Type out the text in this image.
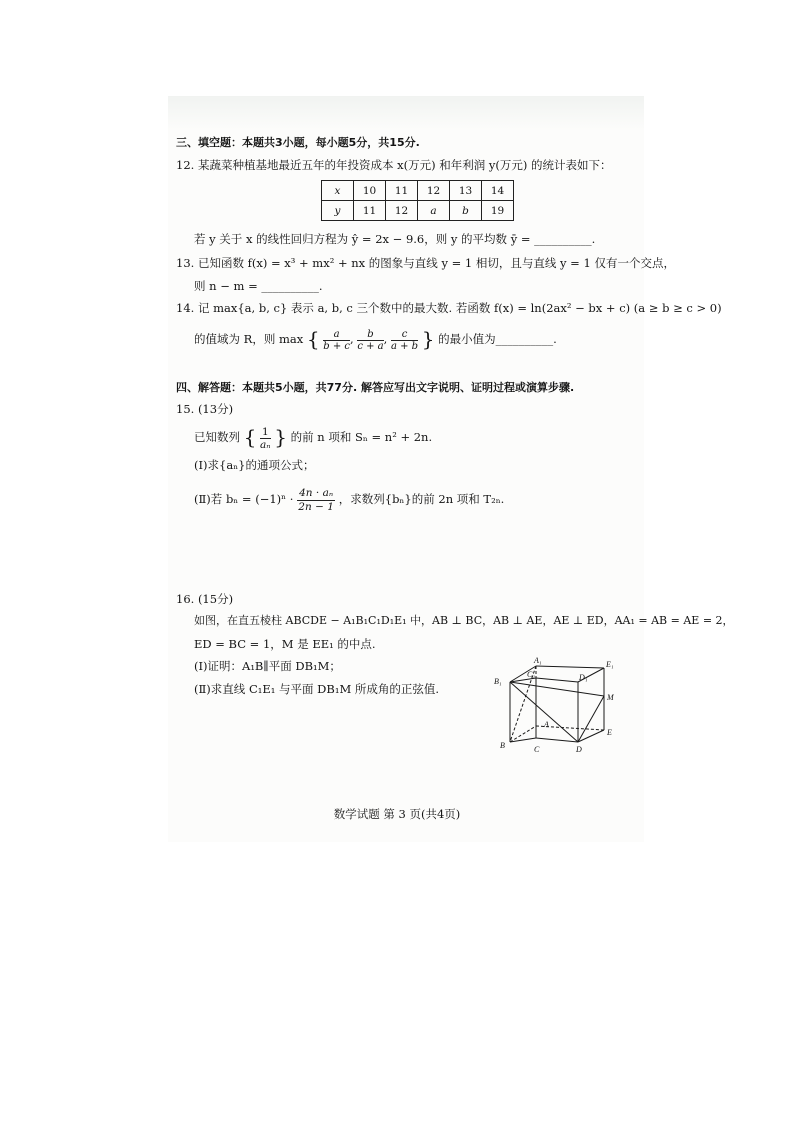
三、填空题：本题共3小题，每小题5分，共15分.
12. 某蔬菜种植基地最近五年的年投资成本 x(万元) 和年利润 y(万元) 的统计表如下：
x	10	11	12	13	14
y	11	12	a	b	19
若 y 关于 x 的线性回归方程为 ŷ = 2x − 9.6，则 y 的平均数 ȳ = __________.
13. 已知函数 f(x) = x³ + mx² + nx 的图象与直线 y = 1 相切，且与直线 y = 1 仅有一个交点，
则 n − m = __________.
14. 记 max{a, b, c} 表示 a, b, c 三个数中的最大数. 若函数 f(x) = ln(2ax² − bx + c) (a ≥ b ≥ c > 0)
的值域为 R，则 max { $\frac{a}{b + c}$ , $\frac{b}{c + a}$ , $\frac{c}{a + b}$ } 的最小值为__________.
四、解答题：本题共5小题，共77分. 解答应写出文字说明、证明过程或演算步骤.
15. (13分)
已知数列 { $\frac{1}{\text{aₙ}}$ } 的前 n 项和 Sₙ = n² + 2n.
(Ⅰ)求{aₙ}的通项公式；
(Ⅱ)若 $b_n = (-1)^n \cdot \frac{\text{4n · aₙ}}{2n - 1}$ ，求数列{bₙ}的前 2n 项和 T₂ₙ.
16. (15分)
如图，在直五棱柱 ABCDE − A₁B₁C₁D₁E₁ 中，AB ⊥ BC，AB ⊥ AE，AE ⊥ ED，AA₁ = AB = AE = 2，
ED = BC = 1，M 是 EE₁ 的中点.
(Ⅰ)证明：A₁B∥平面 DB₁M；
(Ⅱ)求直线 C₁E₁ 与平面 DB₁M 所成角的正弦值.
A₁
B₁
C₁	D₁
E₁
A
B	C	D
E
M
数学试题 第 3 页(共4页)
